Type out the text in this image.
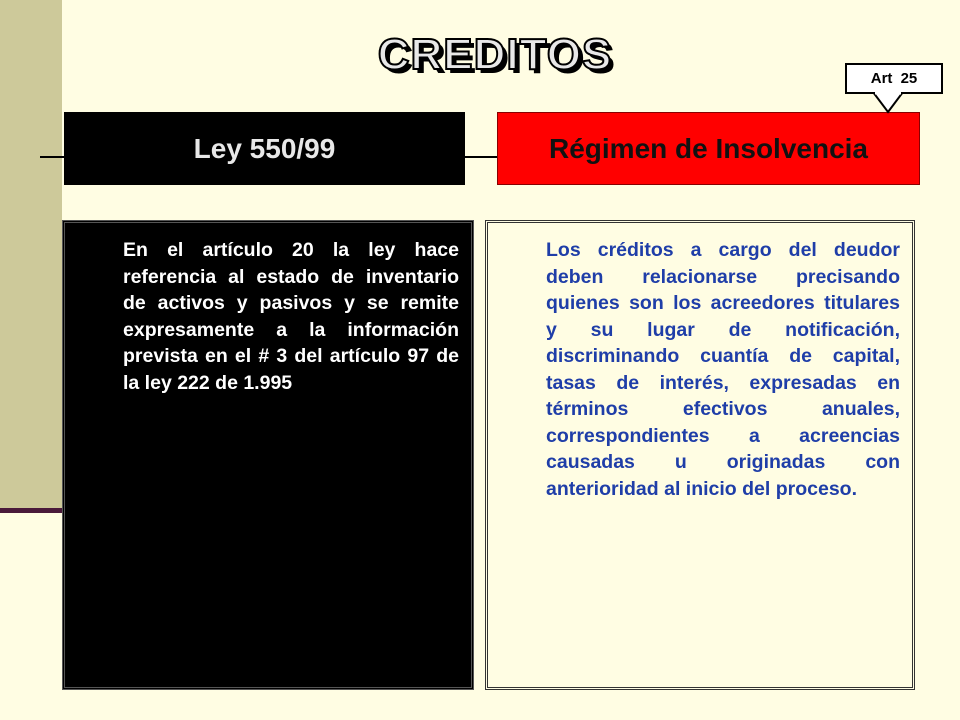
CREDITOS
Ley 550/99	Régimen de Insolvencia
Art 25
En el artículo 20 la ley hace referencia al estado de inventario de activos y pasivos y se remite expresamente a la información prevista en el # 3 del artículo 97 de la ley 222 de 1.995
Los créditos a cargo del deudor deben relacionarse precisando quienes son los acreedores titulares y su lugar de notificación, discriminando cuantía de capital, tasas de interés, expresadas en términos efectivos anuales, correspondientes a acreencias causadas u originadas con anterioridad al inicio del proceso.
